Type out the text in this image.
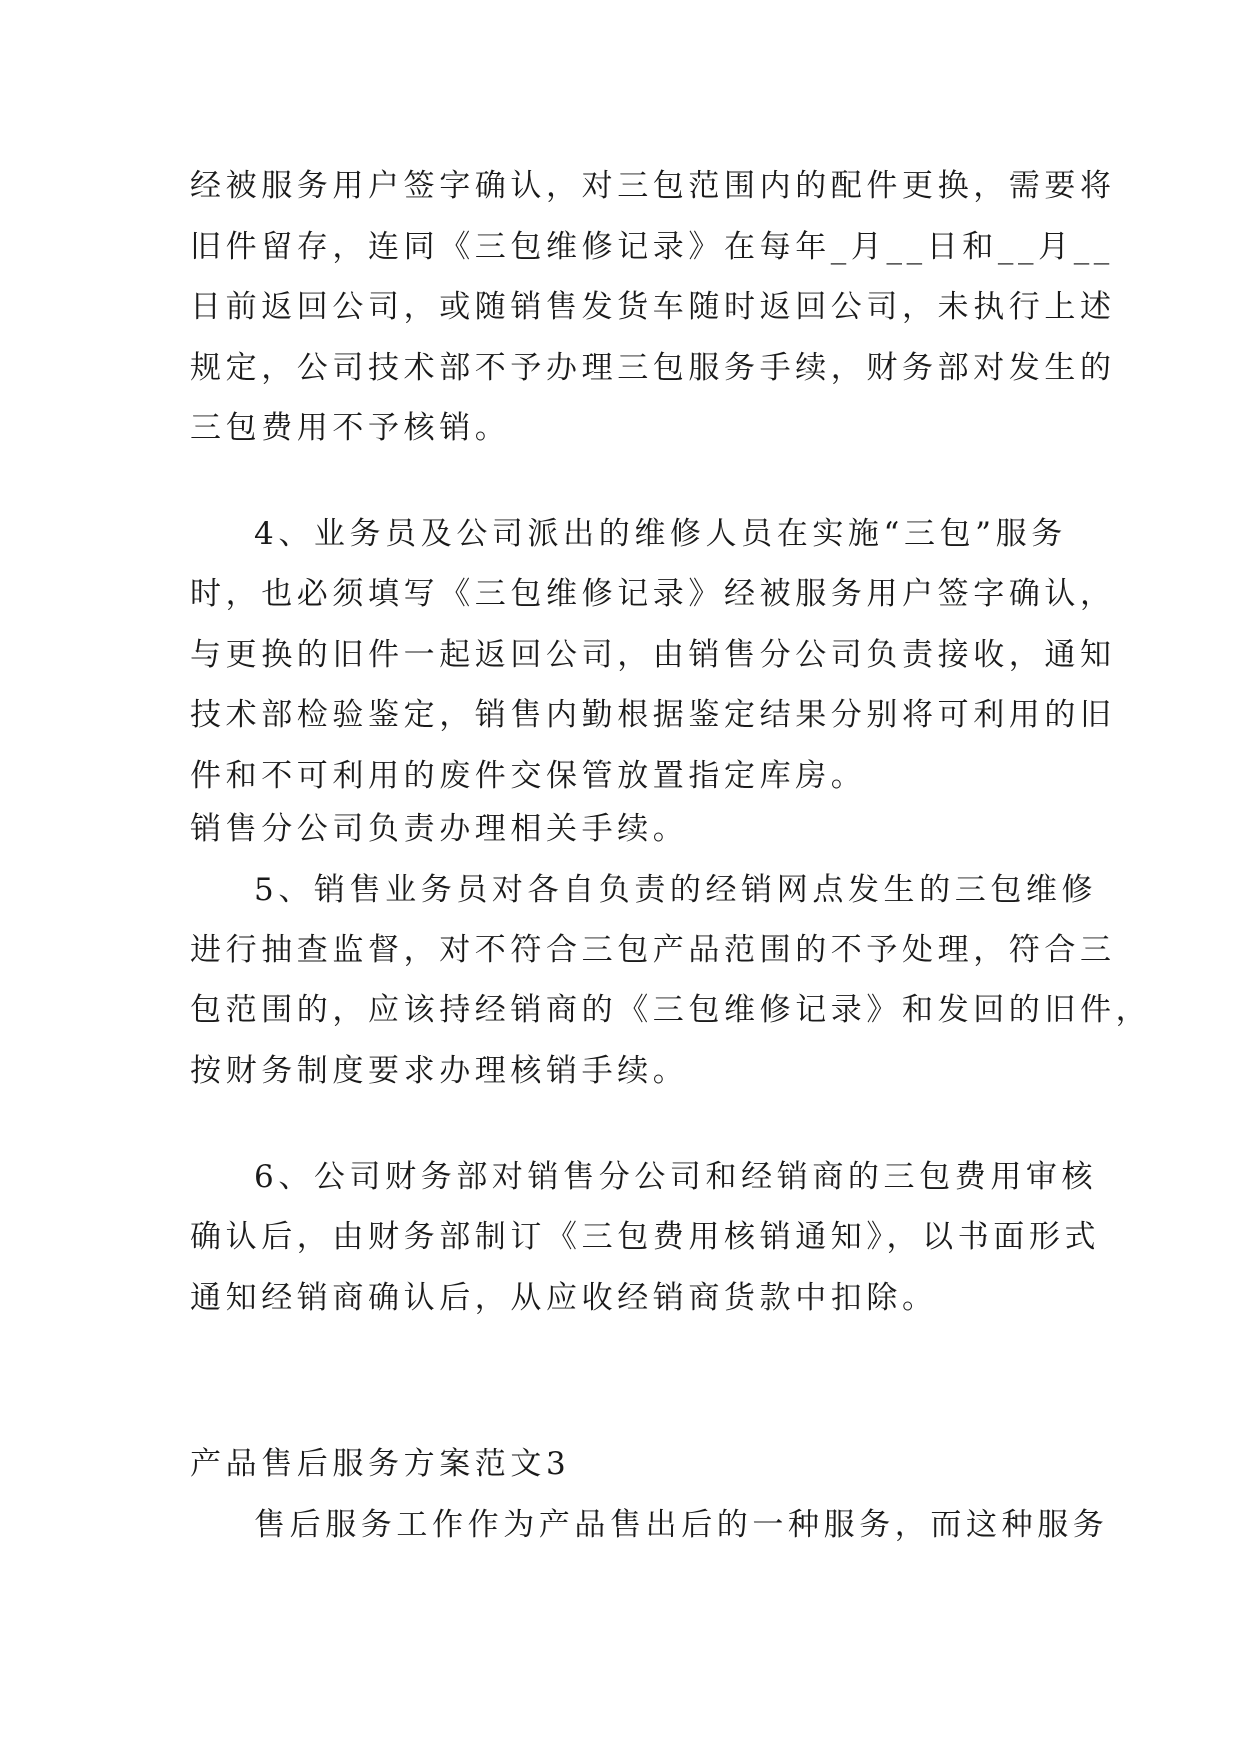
经被服务用户签字确认，对三包范围内的配件更换，需要将
旧件留存，连同《三包维修记录》在每年_月__日和__月__
日前返回公司，或随销售发货车随时返回公司，未执行上述
规定，公司技术部不予办理三包服务手续，财务部对发生的
三包费用不予核销。
4、业务员及公司派出的维修人员在实施“三包”服务
时，也必须填写《三包维修记录》经被服务用户签字确认，
与更换的旧件一起返回公司，由销售分公司负责接收，通知
技术部检验鉴定，销售内勤根据鉴定结果分别将可利用的旧
件和不可利用的废件交保管放置指定库房。
销售分公司负责办理相关手续。
5、销售业务员对各自负责的经销网点发生的三包维修
进行抽查监督，对不符合三包产品范围的不予处理，符合三
包范围的，应该持经销商的《三包维修记录》和发回的旧件，
按财务制度要求办理核销手续。
6、公司财务部对销售分公司和经销商的三包费用审核
确认后，由财务部制订《三包费用核销通知》，以书面形式
通知经销商确认后，从应收经销商货款中扣除。
产品售后服务方案范文3
售后服务工作作为产品售出后的一种服务，而这种服务
